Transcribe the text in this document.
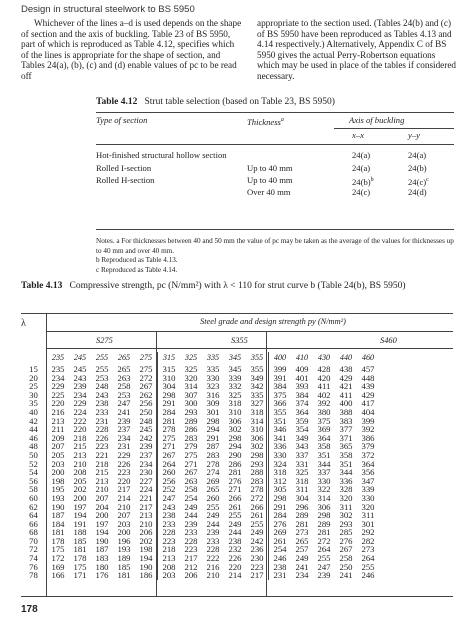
Design in structural steelwork to BS 5950

Whichever of the lines a–d is used depends on the shape of section and the axis of buckling. Table 23 of BS 5950, part of which is reproduced as Table 4.12, specifies which of the lines is appropriate for the shape of section, and Tables 24(a), (b), (c) and (d) enable values of pc to be read off

appropriate to the section used. (Tables 24(b) and (c) of BS 5950 have been reproduced as Tables 4.13 and 4.14 respectively.) Alternatively, Appendix C of BS 5950 gives the actual Perry-Robertson equations which may be used in place of the tables if considered necessary.

Table 4.12 Strut table selection (based on Table 23, BS 5950)
Type of section	Thickness$^a$	Axis of buckling
x–x	y–y
Hot-finished structural hollow section	24(a)	24(a)
Rolled I-section	Up to 40 mm	24(a)	24(b)
Rolled H-section	Up to 40 mm	$24(b)^b$	$24(c)^c$
Over 40 mm	24(c)	24(d)

Notes. a For thicknesses between 40 and 50 mm the value of pc may be taken as the average of the values for thicknesses up to 40 mm and over 40 mm.

b Reproduced as Table 4.13.

c Reproduced as Table 4.14.

Table 4.13 Compressive strength, pc (N/mm²) with λ < 110 for strut curve b (Table 24(b), BS 5950)
λ	Steel grade and design strength py (N/mm²)
S275	S355	S460
	235	245	255	265	275	315	325	335	345	355	400	410	430	440	460
15	235	245	255	265	275	315	325	335	345	355	399	409	428	438	457
20	234	243	253	263	272	310	320	330	339	349	391	401	420	429	448
25	229	239	248	258	267	304	314	323	332	342	384	393	411	421	439
30	225	234	243	253	262	298	307	316	325	335	375	384	402	411	429
35	220	229	238	247	256	291	300	309	318	327	366	374	392	400	417
40	216	224	233	241	250	284	293	301	310	318	355	364	380	388	404
42	213	222	231	239	248	281	289	298	306	314	351	359	375	383	399
44	211	220	228	237	245	278	286	294	302	310	346	354	369	377	392
46	209	218	226	234	242	275	283	291	298	306	341	349	364	371	386
48	207	215	223	231	239	271	279	287	294	302	336	343	358	365	379
50	205	213	221	229	237	267	275	283	290	298	330	337	351	358	372
52	203	210	218	226	234	264	271	278	286	293	324	331	344	351	364
54	200	208	215	223	230	260	267	274	281	288	318	325	337	344	356
56	198	205	213	220	227	256	263	269	276	283	312	318	330	336	347
58	195	202	210	217	224	252	258	265	271	278	305	311	322	328	339
60	193	200	207	214	221	247	254	260	266	272	298	304	314	320	330
62	190	197	204	210	217	243	249	255	261	266	291	296	306	311	320
64	187	194	200	207	213	238	244	249	255	261	284	289	298	302	311
66	184	191	197	203	210	233	239	244	249	255	276	281	289	293	301
68	181	188	194	200	206	228	233	239	244	249	269	273	281	285	292
70	178	185	190	196	202	223	228	233	238	242	261	265	272	276	282
72	175	181	187	193	198	218	223	228	232	236	254	257	264	267	273
74	172	178	183	189	194	213	217	222	226	230	246	249	255	258	264
76	169	175	180	185	190	208	212	216	220	223	238	241	247	250	255
78	166	171	176	181	186	203	206	210	214	217	231	234	239	241	246
178
